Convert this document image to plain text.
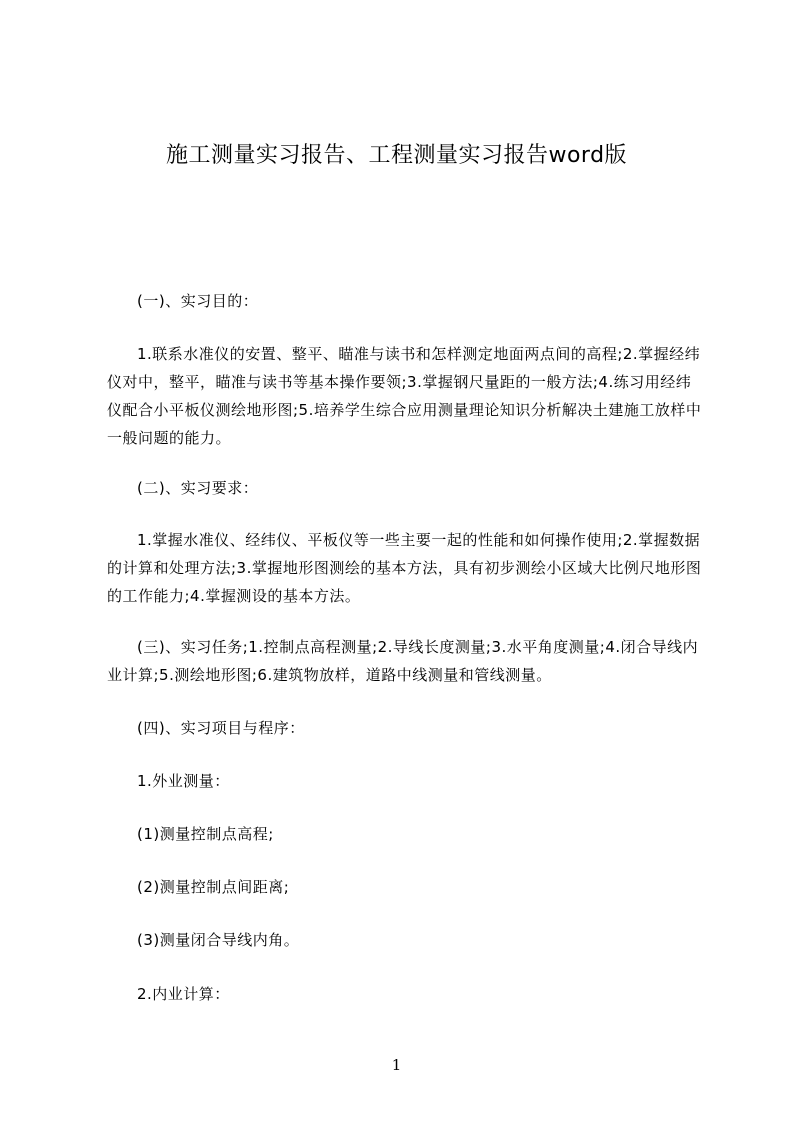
施工测量实习报告、工程测量实习报告word版
(一)、实习目的：
1.联系水准仪的安置、整平、瞄准与读书和怎样测定地面两点间的高程;2.掌握经纬仪对中，整平，瞄准与读书等基本操作要领;3.掌握钢尺量距的一般方法;4.练习用经纬仪配合小平板仪测绘地形图;5.培养学生综合应用测量理论知识分析解决土建施工放样中一般问题的能力。
(二)、实习要求：
1.掌握水准仪、经纬仪、平板仪等一些主要一起的性能和如何操作使用;2.掌握数据的计算和处理方法;3.掌握地形图测绘的基本方法，具有初步测绘小区域大比例尺地形图的工作能力;4.掌握测设的基本方法。
(三)、实习任务;1.控制点高程测量;2.导线长度测量;3.水平角度测量;4.闭合导线内业计算;5.测绘地形图;6.建筑物放样，道路中线测量和管线测量。
(四)、实习项目与程序：
1.外业测量：
(1)测量控制点高程;
(2)测量控制点间距离;
(3)测量闭合导线内角。
2.内业计算：
1
